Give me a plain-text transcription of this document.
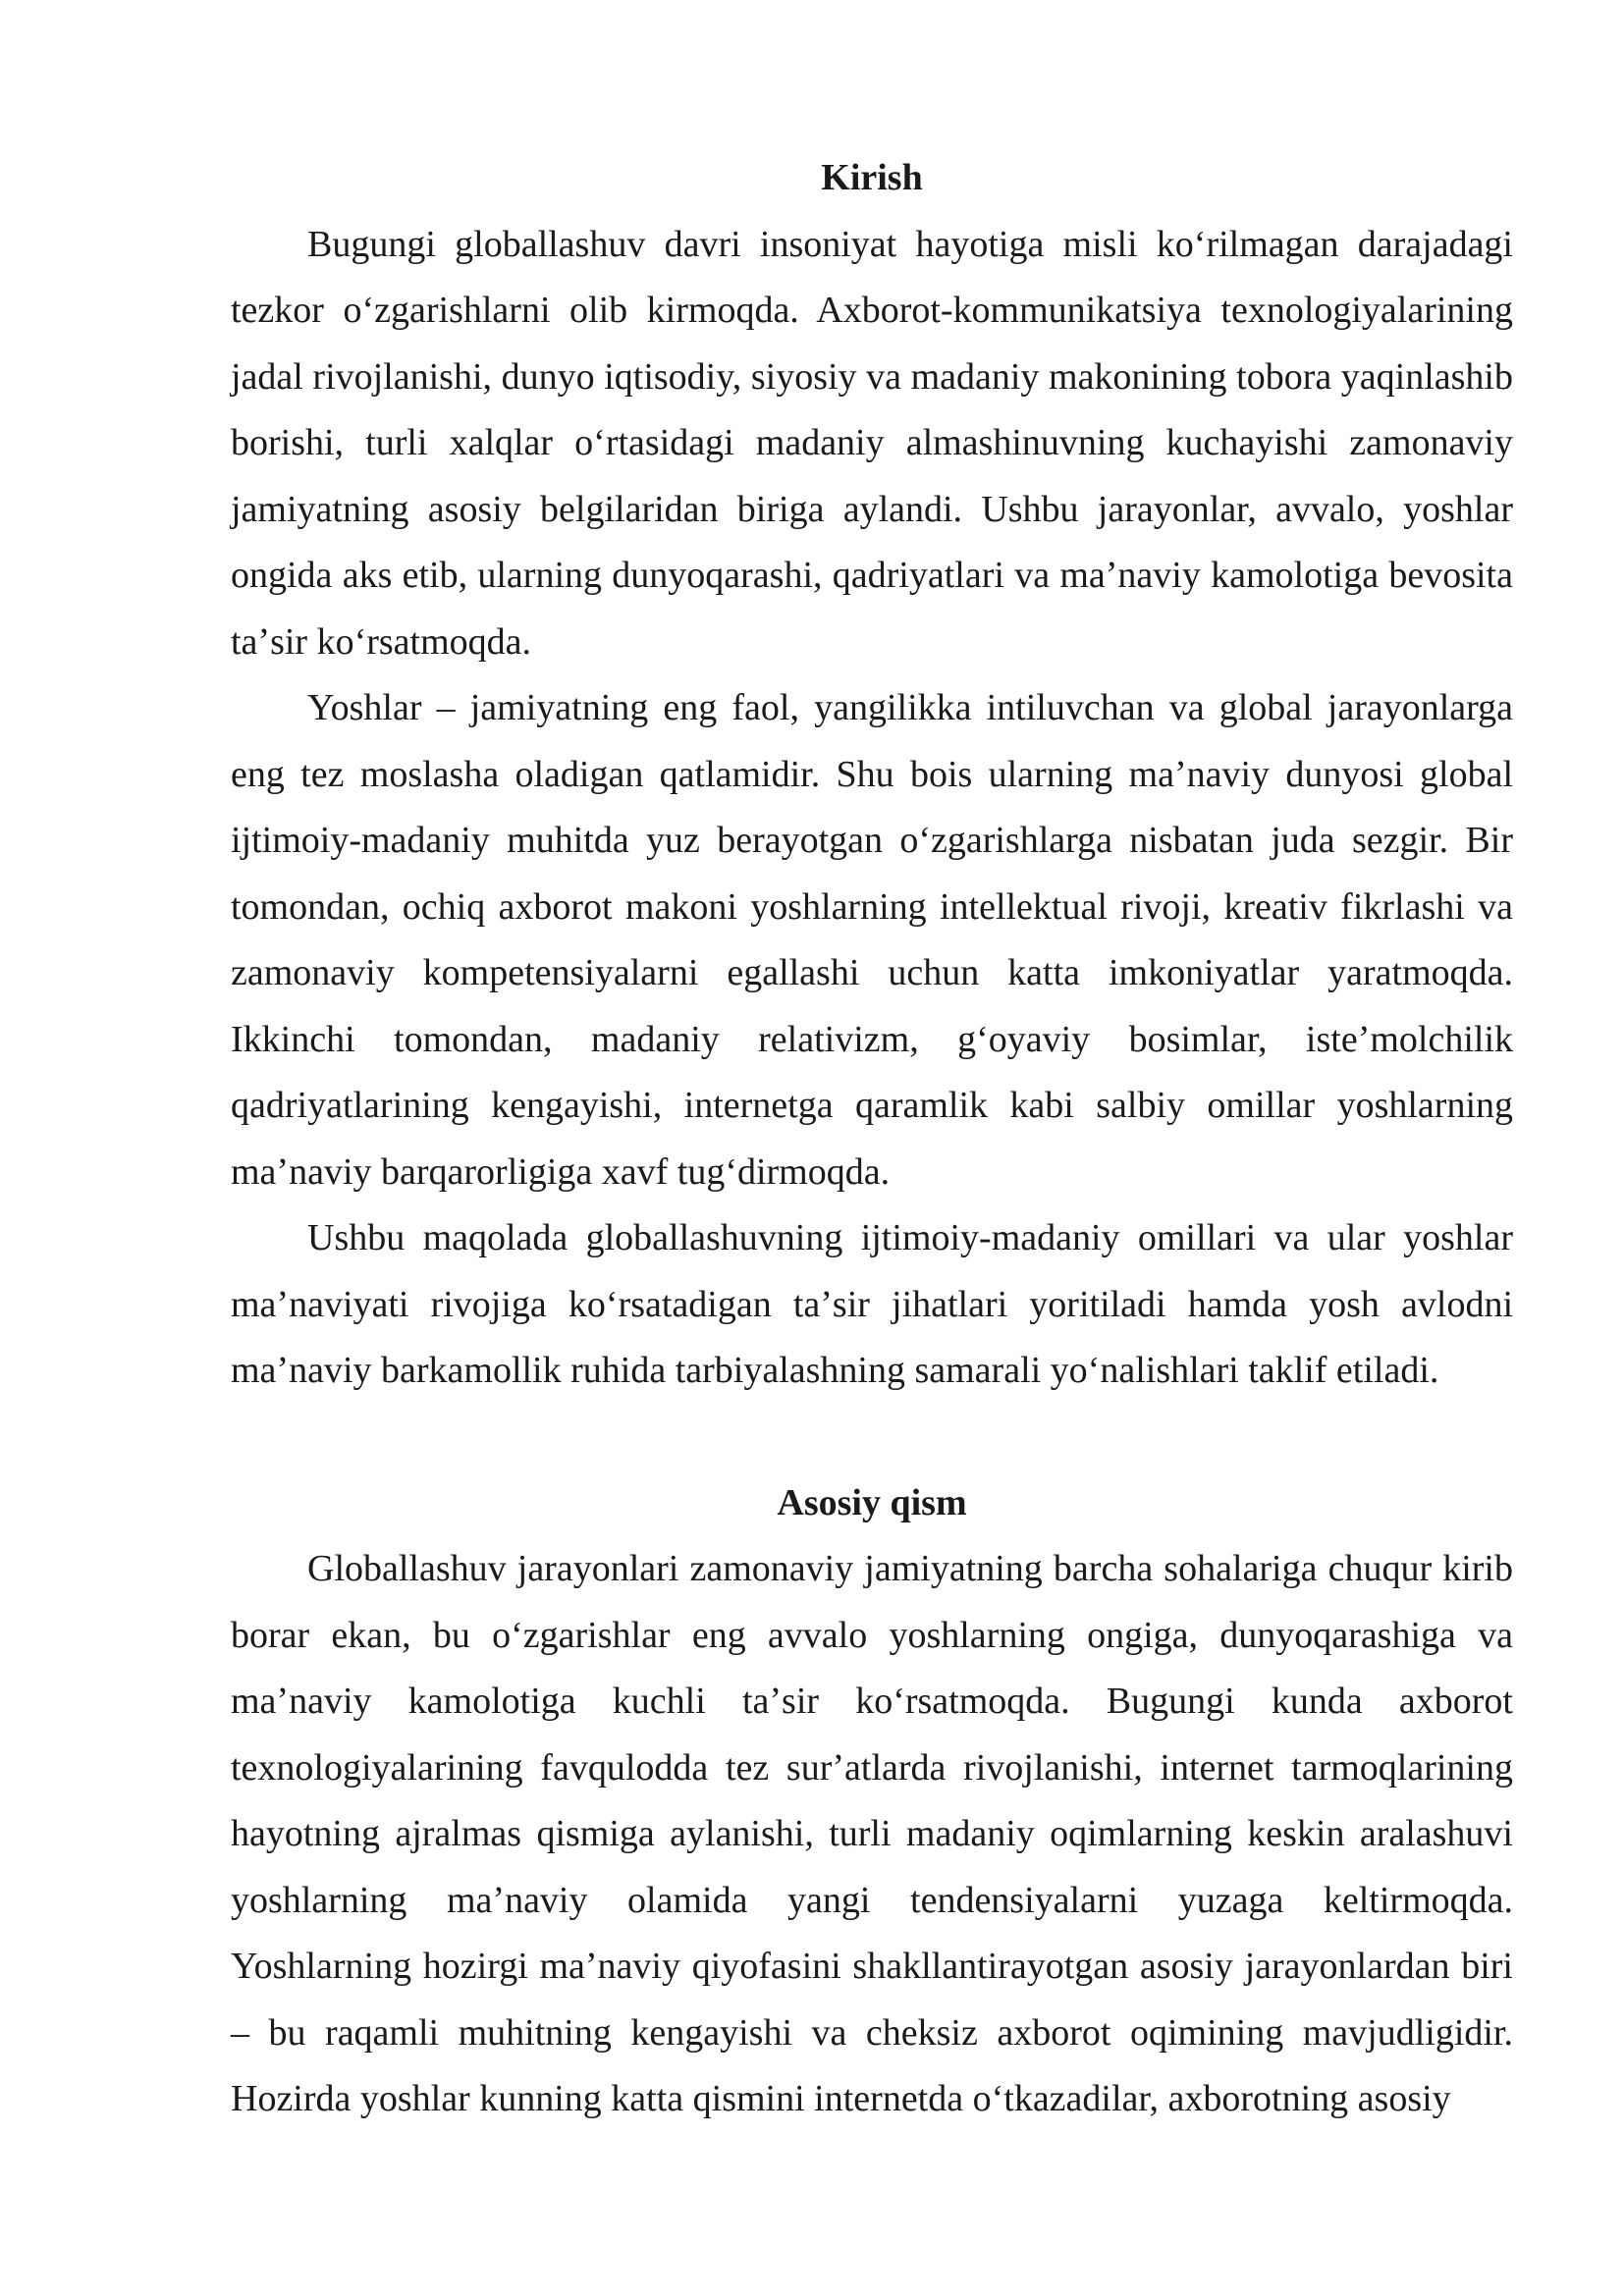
Kirish

Bugungi globallashuv davri insoniyat hayotiga misli koʻrilmagan darajadagi tezkor oʻzgarishlarni olib kirmoqda. Axborot-kommunikatsiya texnologiyalarining jadal rivojlanishi, dunyo iqtisodiy, siyosiy va madaniy makonining tobora yaqinlashib borishi, turli xalqlar oʻrtasidagi madaniy almashinuvning kuchayishi zamonaviy jamiyatning asosiy belgilaridan biriga aylandi. Ushbu jarayonlar, avvalo, yoshlar ongida aks etib, ularning dunyoqarashi, qadriyatlari va maʼnaviy kamolotiga bevosita taʼsir koʻrsatmoqda.

Yoshlar – jamiyatning eng faol, yangilikka intiluvchan va global jarayonlarga eng tez moslasha oladigan qatlamidir. Shu bois ularning maʼnaviy dunyosi global ijtimoiy-madaniy muhitda yuz berayotgan oʻzgarishlarga nisbatan juda sezgir. Bir tomondan, ochiq axborot makoni yoshlarning intellektual rivoji, kreativ fikrlashi va zamonaviy kompetensiyalarni egallashi uchun katta imkoniyatlar yaratmoqda. Ikkinchi tomondan, madaniy relativizm, gʻoyaviy bosimlar, isteʼmolchilik qadriyatlarining kengayishi, internetga qaramlik kabi salbiy omillar yoshlarning maʼnaviy barqarorligiga xavf tugʻdirmoqda.

Ushbu maqolada globallashuvning ijtimoiy-madaniy omillari va ular yoshlar maʼnaviyati rivojiga koʻrsatadigan taʼsir jihatlari yoritiladi hamda yosh avlodni maʼnaviy barkamollik ruhida tarbiyalashning samarali yoʻnalishlari taklif etiladi.

Asosiy qism

Globallashuv jarayonlari zamonaviy jamiyatning barcha sohalariga chuqur kirib borar ekan, bu oʻzgarishlar eng avvalo yoshlarning ongiga, dunyoqarashiga va maʼnaviy kamolotiga kuchli taʼsir koʻrsatmoqda. Bugungi kunda axborot texnologiyalarining favqulodda tez surʼatlarda rivojlanishi, internet tarmoqlarining hayotning ajralmas qismiga aylanishi, turli madaniy oqimlarning keskin aralashuvi yoshlarning maʼnaviy olamida yangi tendensiyalarni yuzaga keltirmoqda. Yoshlarning hozirgi maʼnaviy qiyofasini shakllantirayotgan asosiy jarayonlardan biri – bu raqamli muhitning kengayishi va cheksiz axborot oqimining mavjudligidir. Hozirda yoshlar kunning katta qismini internetda oʻtkazadilar, axborotning asosiy
